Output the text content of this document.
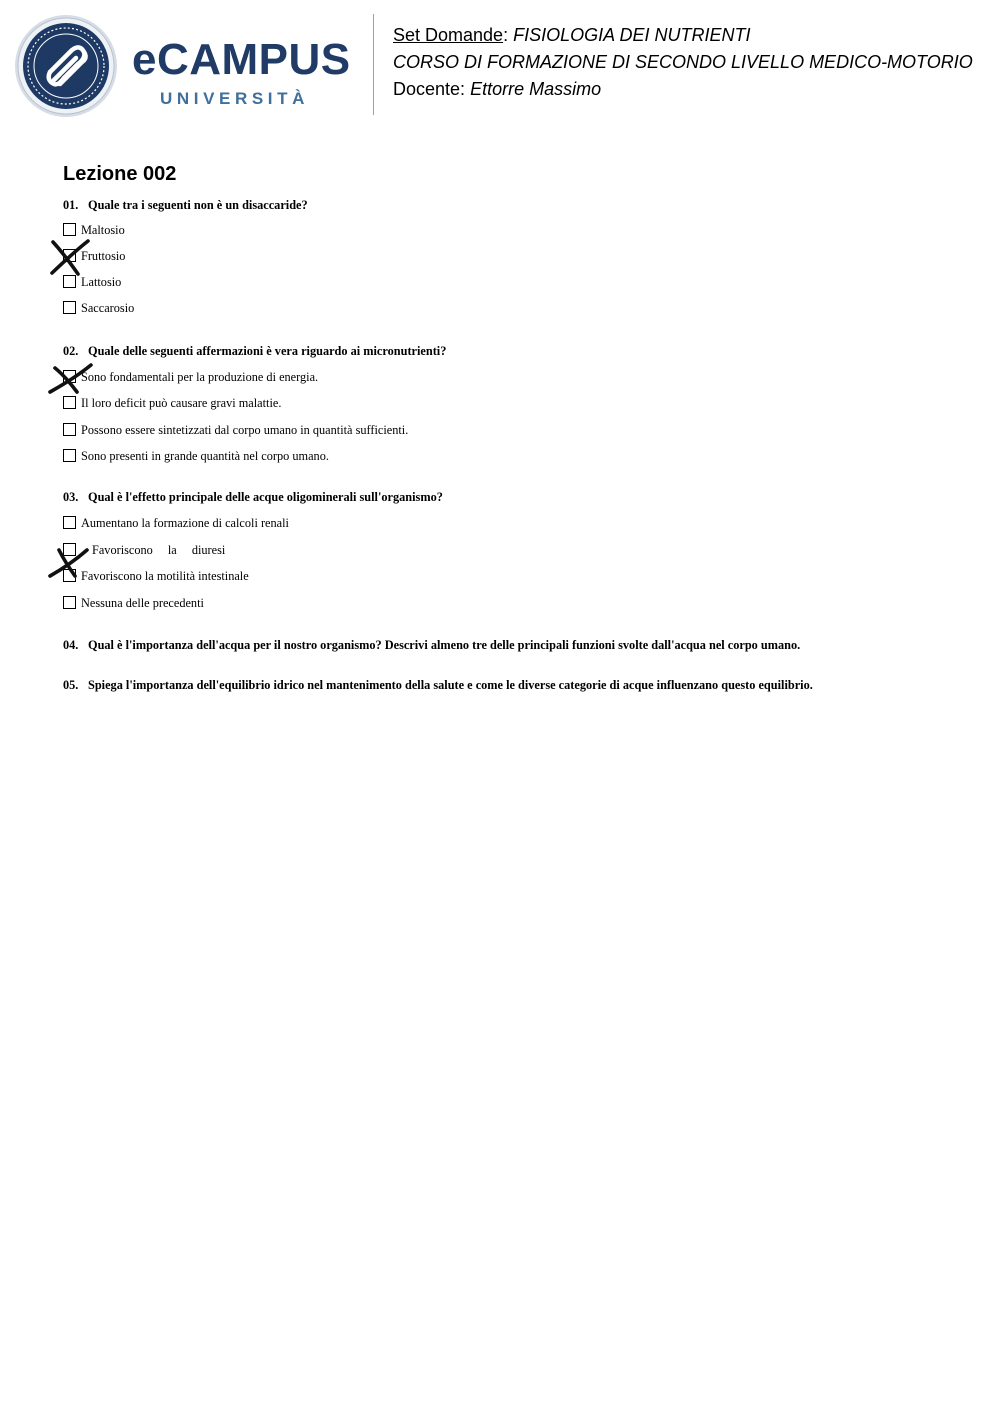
eCAMPUS
UNIVERSITÀ
Set Domande: FISIOLOGIA DEI NUTRIENTI
CORSO DI FORMAZIONE DI SECONDO LIVELLO MEDICO-MOTORIO
Docente: Ettorre Massimo
Lezione 002
01. Quale tra i seguenti non è un disaccaride?
Maltosio
Fruttosio
Lattosio
Saccarosio
02. Quale delle seguenti affermazioni è vera riguardo ai micronutrienti?
Sono fondamentali per la produzione di energia.
Il loro deficit può causare gravi malattie.
Possono essere sintetizzati dal corpo umano in quantità sufficienti.
Sono presenti in grande quantità nel corpo umano.
03. Qual è l'effetto principale delle acque oligominerali sull'organismo?
Aumentano la formazione di calcoli renali
Favoriscono la diuresi
Favoriscono la motilità intestinale
Nessuna delle precedenti
04. Qual è l'importanza dell'acqua per il nostro organismo? Descrivi almeno tre delle principali funzioni svolte dall'acqua nel corpo umano.
05. Spiega l'importanza dell'equilibrio idrico nel mantenimento della salute e come le diverse categorie di acque influenzano questo equilibrio.
